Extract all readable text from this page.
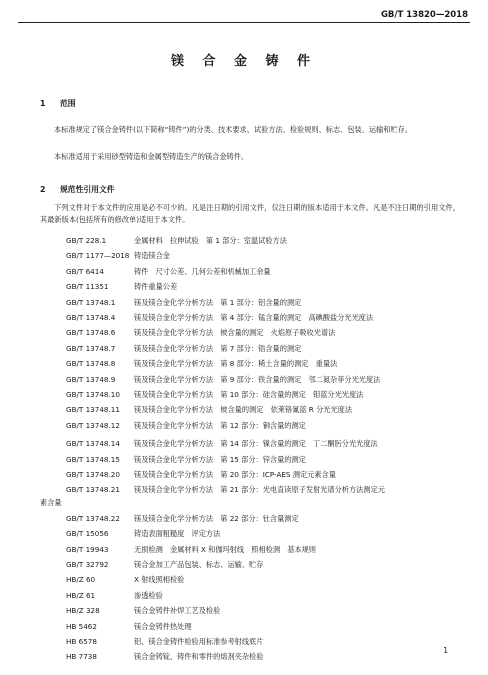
GB/T 13820—2018
镁 合 金 铸 件
1 范围
本标准规定了镁合金铸件(以下简称“铸件”)的分类、技术要求、试验方法、检验规则、标志、包装、运输和贮存。
本标准适用于采用砂型铸造和金属型铸造生产的镁合金铸件。
2 规范性引用文件
下列文件对于本文件的应用是必不可少的。凡是注日期的引用文件，仅注日期的版本适用于本文件。凡是不注日期的引用文件，其最新版本(包括所有的修改单)适用于本文件。
GB/T 228.1	金属材料　拉伸试验　第 1 部分：室温试验方法
GB/T 1177—2018 铸造镁合金
GB/T 6414	铸件　尺寸公差、几何公差和机械加工余量
GB/T 11351	铸件重量公差
GB/T 13748.1	镁及镁合金化学分析方法　第 1 部分：铝含量的测定
GB/T 13748.4	镁及镁合金化学分析方法　第 4 部分：锰含量的测定　高碘酸盐分光光度法
GB/T 13748.6	镁及镁合金化学分析方法　铍含量的测定　火焰原子吸收光谱法
GB/T 13748.7	镁及镁合金化学分析方法　第 7 部分：锆含量的测定
GB/T 13748.8	镁及镁合金化学分析方法　第 8 部分：稀土含量的测定　重量法
GB/T 13748.9	镁及镁合金化学分析方法　第 9 部分：铁含量的测定　邻二氮杂菲分光光度法
GB/T 13748.10 镁及镁合金化学分析方法　第 10 部分：硅含量的测定　钼蓝分光光度法
GB/T 13748.11 镁及镁合金化学分析方法　铍含量的测定　依莱铬氰蓝 R 分光光度法
GB/T 13748.12 镁及镁合金化学分析方法　第 12 部分：铜含量的测定
GB/T 13748.14 镁及镁合金化学分析方法　第 14 部分：镍含量的测定　丁二酮肟分光光度法
GB/T 13748.15 镁及镁合金化学分析方法　第 15 部分：锌含量的测定
GB/T 13748.20 镁及镁合金化学分析方法　第 20 部分：ICP-AES 测定元素含量
GB/T 13748.21 镁及镁合金化学分析方法　第 21 部分：光电直读原子发射光谱分析方法测定元
素含量
GB/T 13748.22 镁及镁合金化学分析方法　第 22 部分：钍含量测定
GB/T 15056	铸造表面粗糙度　评定方法
GB/T 19943	无损检测　金属材料 X 和伽玛射线　照相检测　基本规则
GB/T 32792	镁合金加工产品包装、标志、运输、贮存
HB/Z 60	X 射线照相检验
HB/Z 61	渗透检验
HB/Z 328	镁合金铸件补焊工艺及检验
HB 5462	镁合金铸件热处理
HB 6578	铝、镁合金铸件检验用标准参考射线底片
HB 7738	镁合金铸锭、铸件和零件的熔剂夹杂检验
1
